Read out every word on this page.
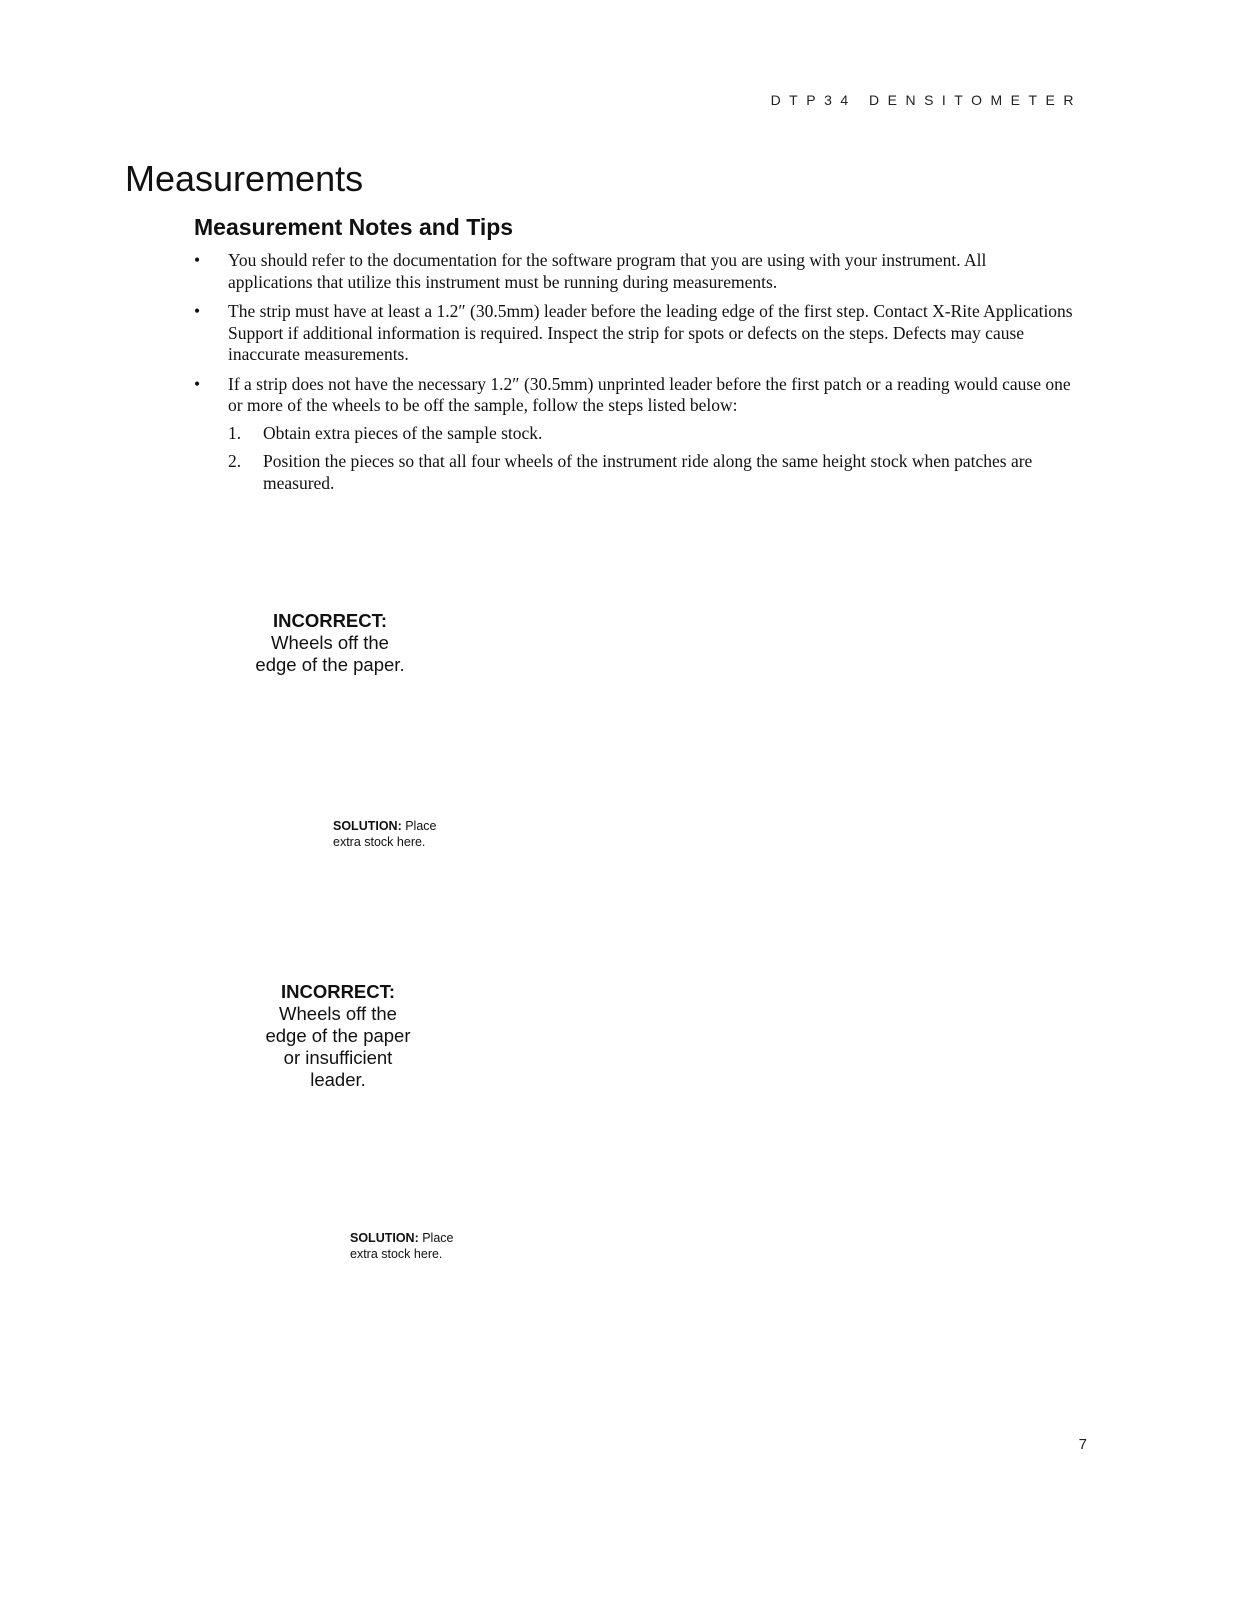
DTP34 DENSITOMETER
Measurements
Measurement Notes and Tips
• You should refer to the documentation for the software program that you are using with your instrument. All applications that utilize this instrument must be running during measurements.
• The strip must have at least a 1.2″ (30.5mm) leader before the leading edge of the first step. Contact X-Rite Applications Support if additional information is required. Inspect the strip for spots or defects on the steps. Defects may cause inaccurate measurements.
• If a strip does not have the necessary 1.2″ (30.5mm) unprinted leader before the first patch or a reading would cause one or more of the wheels to be off the sample, follow the steps listed below:
1. Obtain extra pieces of the sample stock.
2. Position the pieces so that all four wheels of the instrument ride along the same height stock when patches are measured.
INCORRECT:
Wheels off the
edge of the paper.
SOLUTION: Place
extra stock here.
INCORRECT:
Wheels off the
edge of the paper
or insufficient
leader.
SOLUTION: Place
extra stock here.
7
